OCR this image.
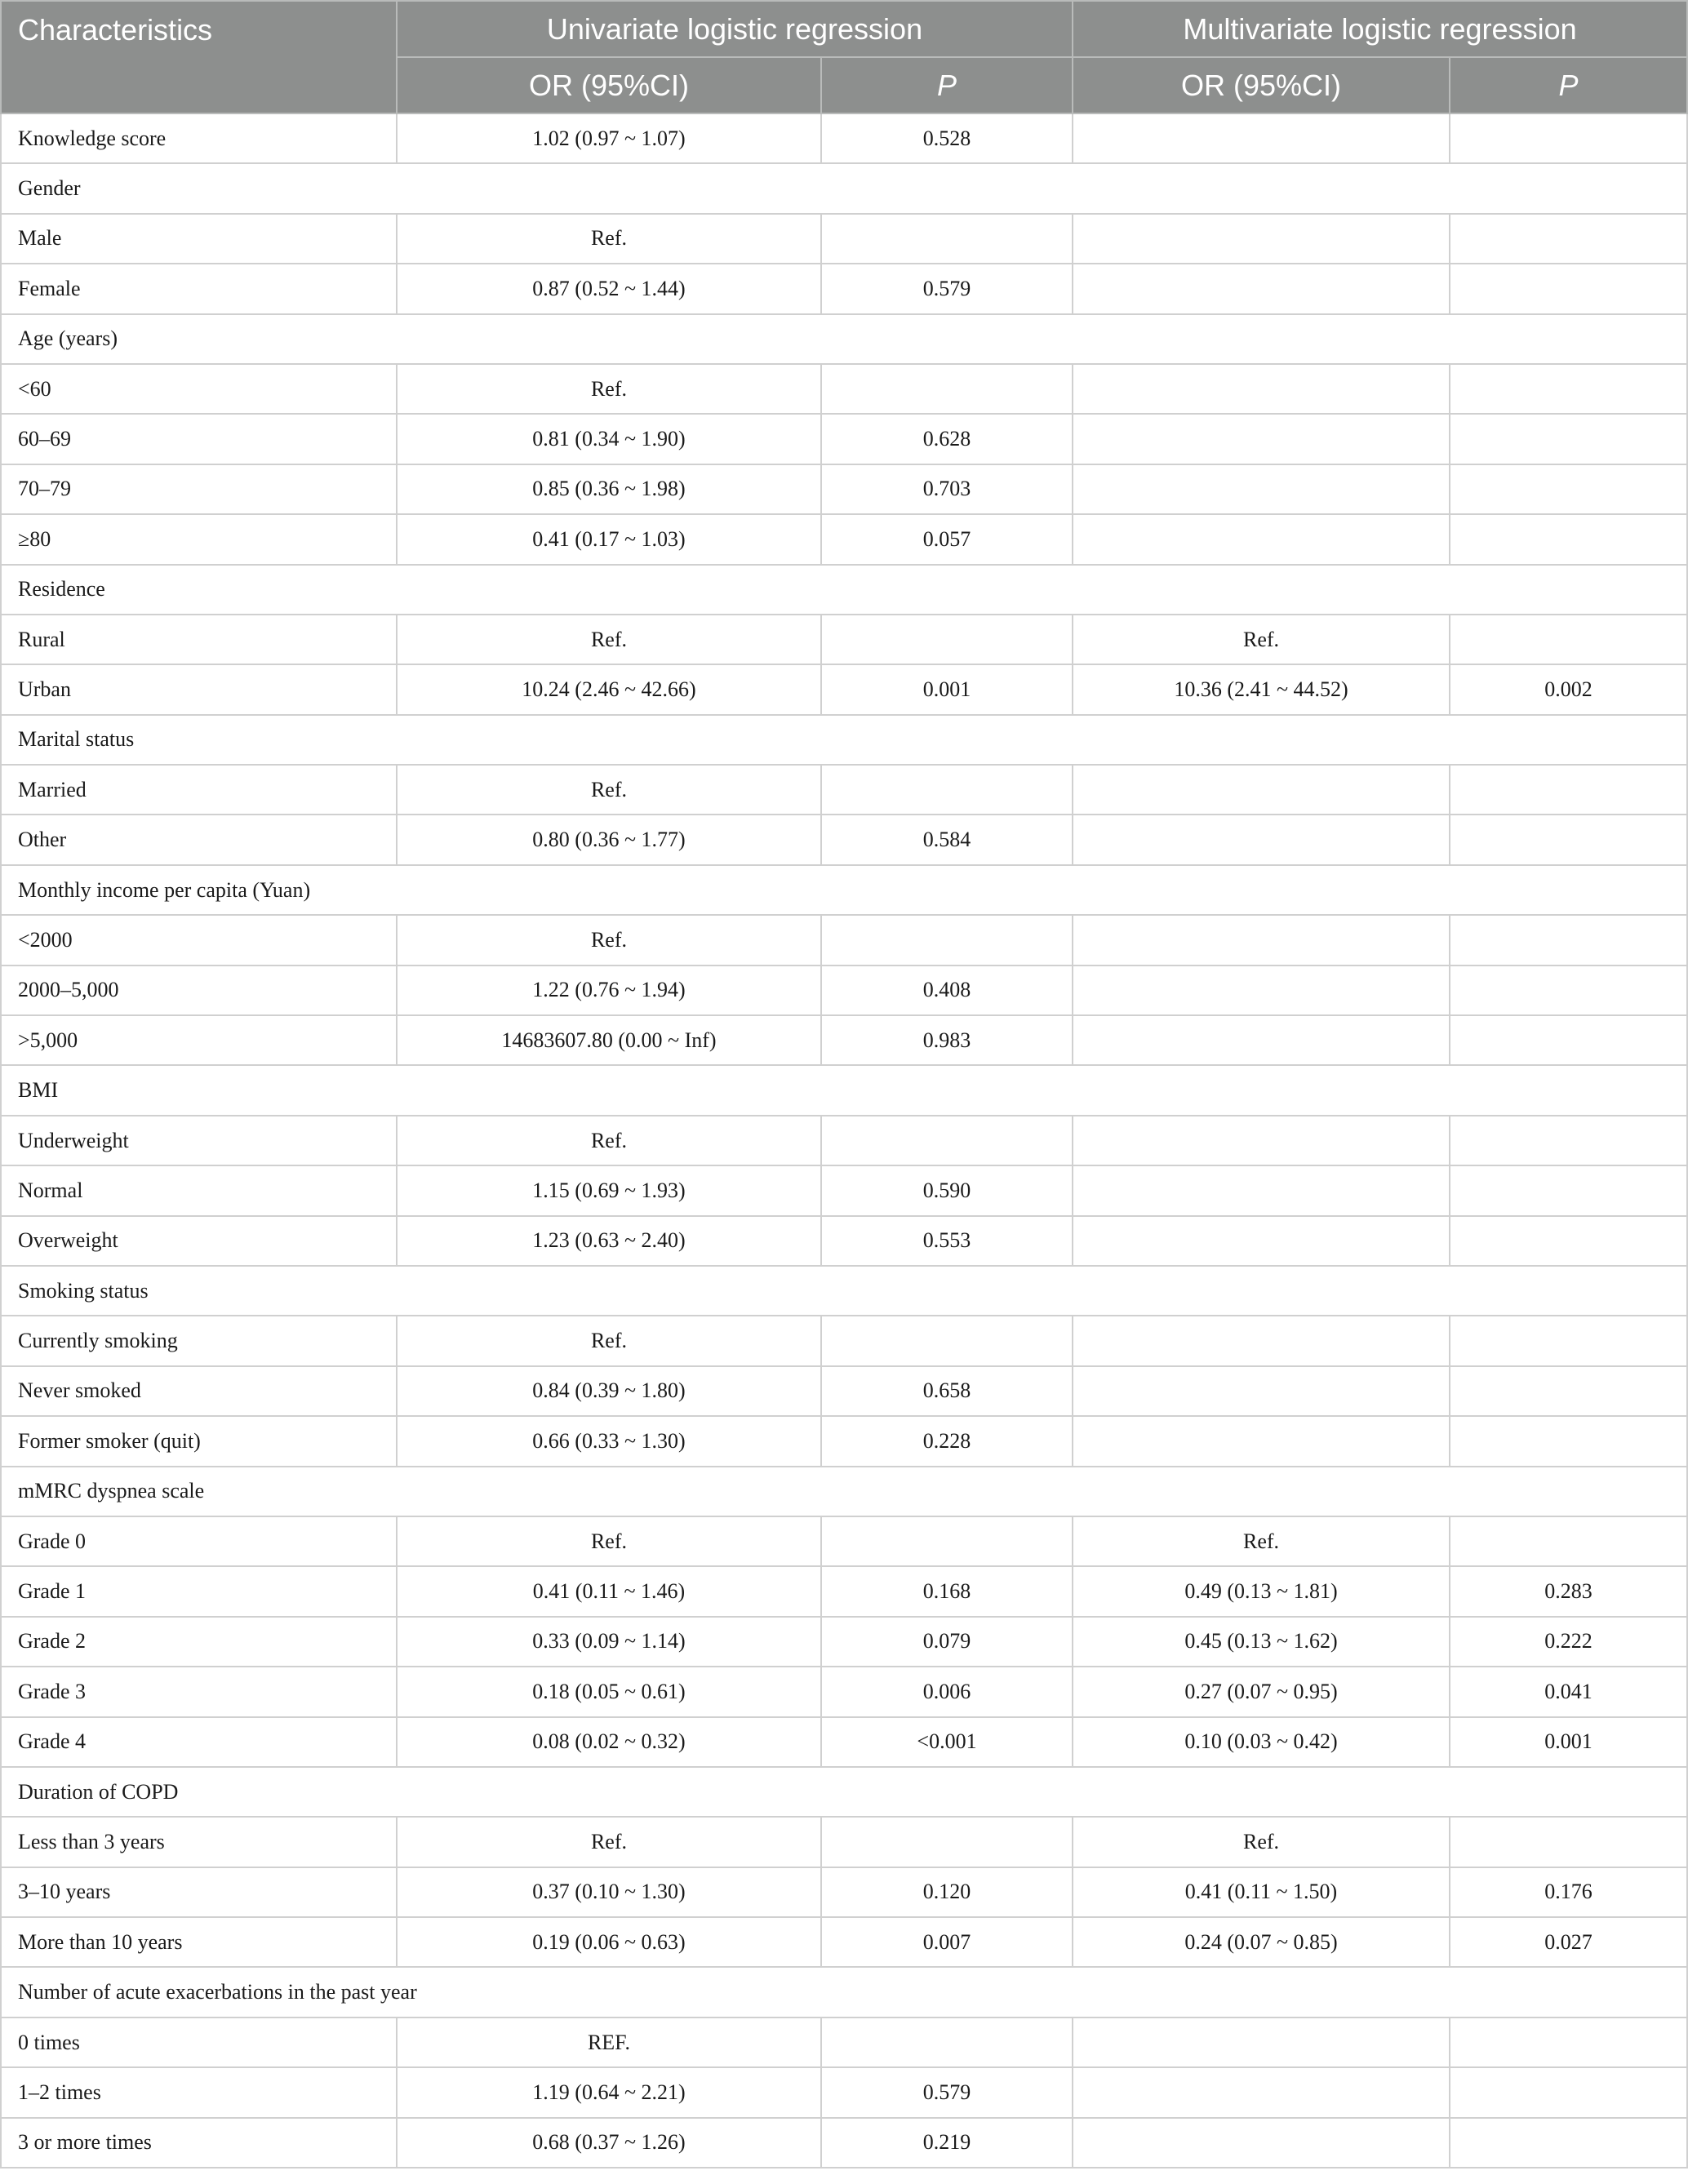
Characteristics	Univariate logistic regression		Multivariate logistic regression	
	OR (95%CI)	P	OR (95%CI)	P
Knowledge score	1.02 (0.97 ~ 1.07)	0.528		
Gender				
Male	Ref.			
Female	0.87 (0.52 ~ 1.44)	0.579		
Age (years)				
<60	Ref.			
60–69	0.81 (0.34 ~ 1.90)	0.628		
70–79	0.85 (0.36 ~ 1.98)	0.703		
≥80	0.41 (0.17 ~ 1.03)	0.057		
Residence				
Rural	Ref.		Ref.	
Urban	10.24 (2.46 ~ 42.66)	0.001	10.36 (2.41 ~ 44.52)	0.002
Marital status				
Married	Ref.			
Other	0.80 (0.36 ~ 1.77)	0.584		
Monthly income per capita (Yuan)				
<2000	Ref.			
2000–5,000	1.22 (0.76 ~ 1.94)	0.408		
>5,000	14683607.80 (0.00 ~ Inf)	0.983		
BMI				
Underweight	Ref.			
Normal	1.15 (0.69 ~ 1.93)	0.590		
Overweight	1.23 (0.63 ~ 2.40)	0.553		
Smoking status				
Currently smoking	Ref.			
Never smoked	0.84 (0.39 ~ 1.80)	0.658		
Former smoker (quit)	0.66 (0.33 ~ 1.30)	0.228		
mMRC dyspnea scale				
Grade 0	Ref.		Ref.	
Grade 1	0.41 (0.11 ~ 1.46)	0.168	0.49 (0.13 ~ 1.81)	0.283
Grade 2	0.33 (0.09 ~ 1.14)	0.079	0.45 (0.13 ~ 1.62)	0.222
Grade 3	0.18 (0.05 ~ 0.61)	0.006	0.27 (0.07 ~ 0.95)	0.041
Grade 4	0.08 (0.02 ~ 0.32)	<0.001	0.10 (0.03 ~ 0.42)	0.001
Duration of COPD				
Less than 3 years	Ref.		Ref.	
3–10 years	0.37 (0.10 ~ 1.30)	0.120	0.41 (0.11 ~ 1.50)	0.176
More than 10 years	0.19 (0.06 ~ 0.63)	0.007	0.24 (0.07 ~ 0.85)	0.027
Number of acute exacerbations in the past year				
0 times	REF.			
1–2 times	1.19 (0.64 ~ 2.21)	0.579		
3 or more times	0.68 (0.37 ~ 1.26)	0.219		
